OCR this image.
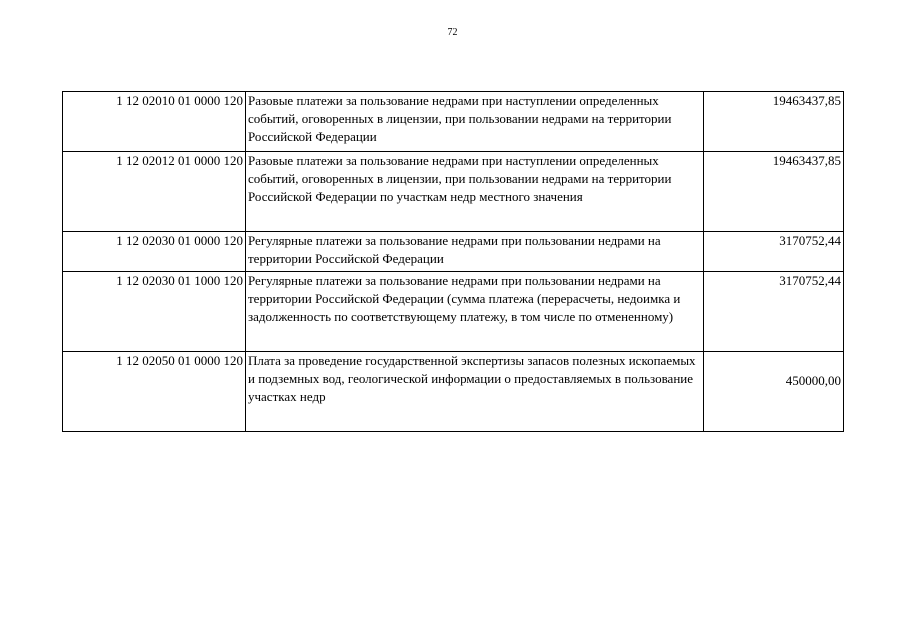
72
1 12 02010 01 0000 120	Разовые платежи за пользование недрами при наступлении определенных событий, оговоренных в лицензии, при пользовании недрами на территории Российской Федерации	19463437,85
1 12 02012 01 0000 120	Разовые платежи за пользование недрами при наступлении определенных событий, оговоренных в лицензии, при пользовании недрами на территории Российской Федерации по участкам недр местного значения	19463437,85
1 12 02030 01 0000 120	Регулярные платежи за пользование недрами при пользовании недрами на территории Российской Федерации	3170752,44
1 12 02030 01 1000 120	Регулярные платежи за пользование недрами при пользовании недрами на территории Российской Федерации (сумма платежа (перерасчеты, недоимка и задолженность по соответствующему платежу, в том числе по отмененному)	3170752,44
1 12 02050 01 0000 120	Плата за проведение государственной экспертизы запасов полезных ископаемых и подземных вод, геологической информации о предоставляемых в пользование участках недр	450000,00
